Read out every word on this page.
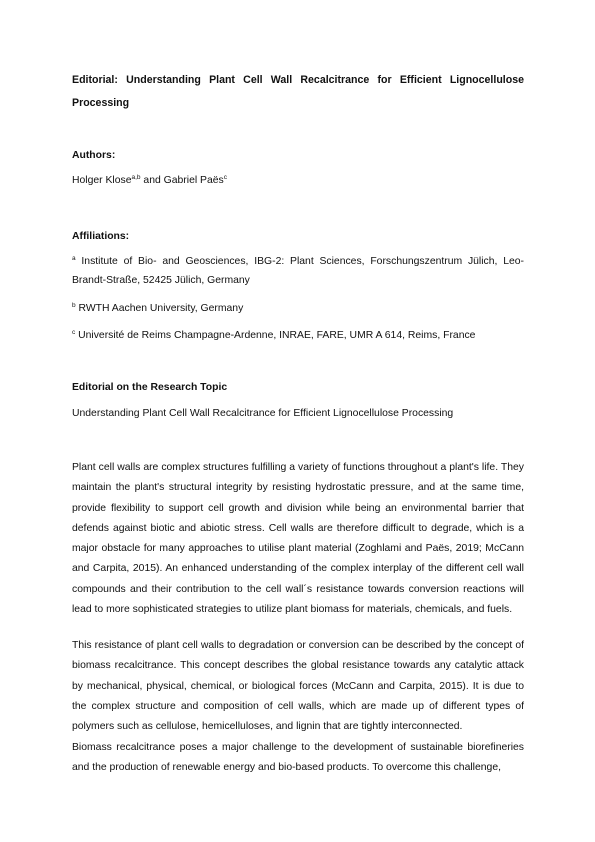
Editorial: Understanding Plant Cell Wall Recalcitrance for Efficient Lignocellulose Processing

Authors:

Holger Klose$^{a,b}$ and Gabriel Paës$^c$

Affiliations:

$^a$ Institute of Bio- and Geosciences, IBG-2: Plant Sciences, Forschungszentrum Jülich, Leo-Brandt-Straße, 52425 Jülich, Germany

$^b$ RWTH Aachen University, Germany

$^c$ Université de Reims Champagne-Ardenne, INRAE, FARE, UMR A 614, Reims, France

Editorial on the Research Topic

Understanding Plant Cell Wall Recalcitrance for Efficient Lignocellulose Processing

Plant cell walls are complex structures fulfilling a variety of functions throughout a plant's life. They maintain the plant's structural integrity by resisting hydrostatic pressure, and at the same time, provide flexibility to support cell growth and division while being an environmental barrier that defends against biotic and abiotic stress. Cell walls are therefore difficult to degrade, which is a major obstacle for many approaches to utilise plant material (Zoghlami and Paës, 2019; McCann and Carpita, 2015). An enhanced understanding of the complex interplay of the different cell wall compounds and their contribution to the cell wall´s resistance towards conversion reactions will lead to more sophisticated strategies to utilize plant biomass for materials, chemicals, and fuels.

This resistance of plant cell walls to degradation or conversion can be described by the concept of biomass recalcitrance. This concept describes the global resistance towards any catalytic attack by mechanical, physical, chemical, or biological forces (McCann and Carpita, 2015). It is due to the complex structure and composition of cell walls, which are made up of different types of polymers such as cellulose, hemicelluloses, and lignin that are tightly interconnected.

Biomass recalcitrance poses a major challenge to the development of sustainable biorefineries and the production of renewable energy and bio-based products. To overcome this challenge,
